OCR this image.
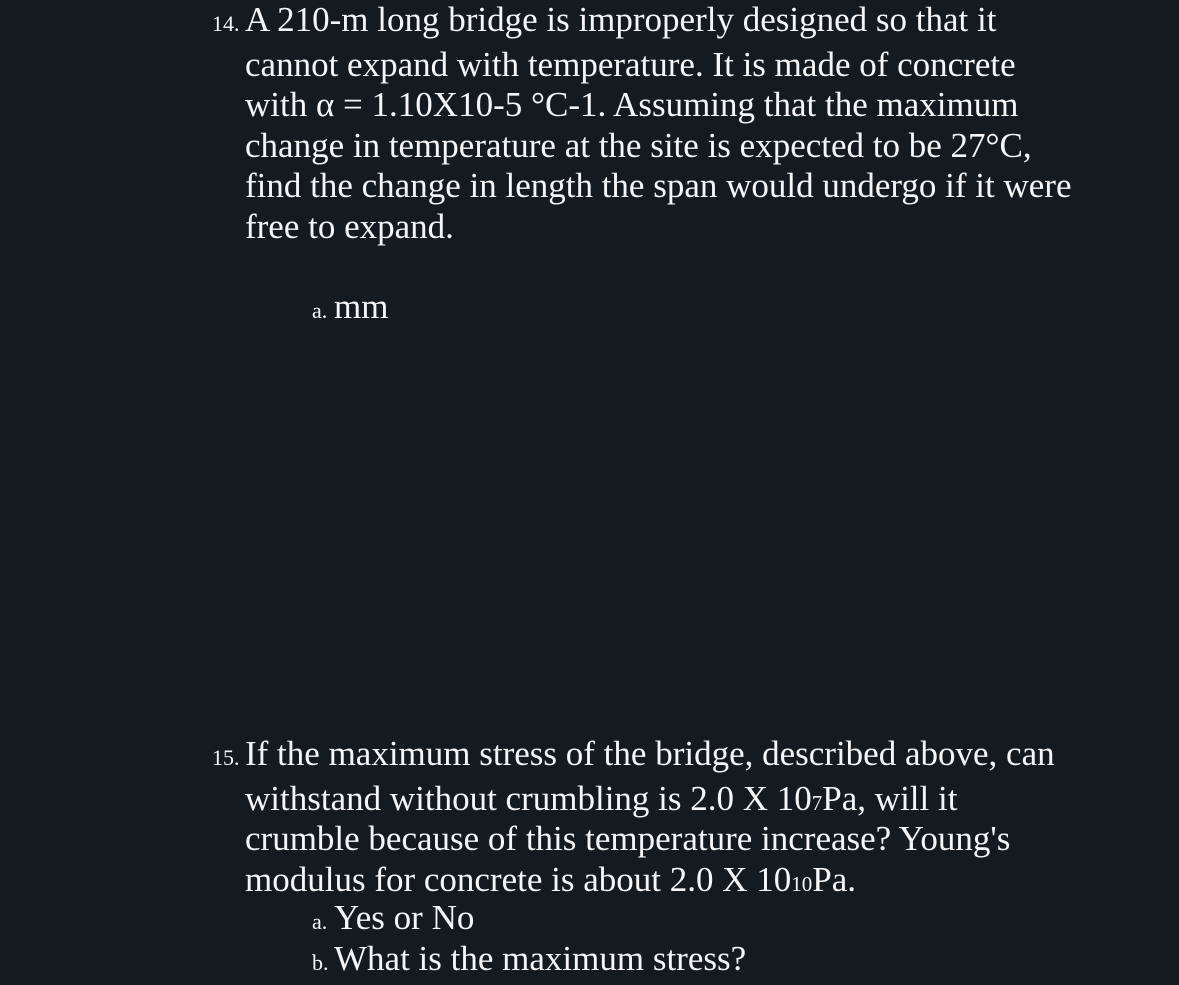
14. A 210-m long bridge is improperly designed so that it
cannot expand with temperature. It is made of concrete
with α = 1.10X10-5 °C-1. Assuming that the maximum
change in temperature at the site is expected to be 27°C,
find the change in length the span would undergo if it were
free to expand.
a. mm
15. If the maximum stress of the bridge, described above, can
withstand without crumbling is 2.0 X 10 7 Pa, will it
crumble because of this temperature increase? Young's
modulus for concrete is about 2.0 X 10 10 Pa.
a. Yes or No
b. What is the maximum stress?
